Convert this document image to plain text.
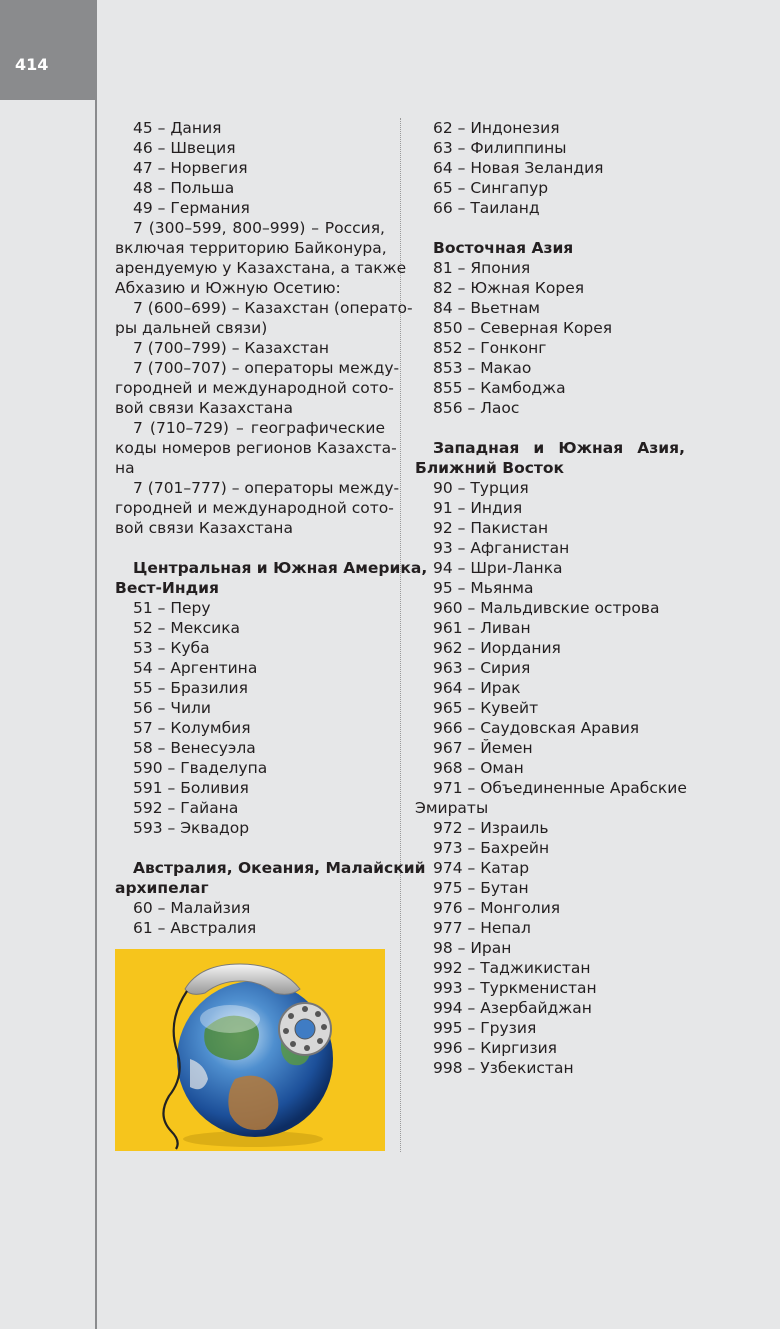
414
45 – Дания
46 – Швеция
47 – Норвегия
48 – Польша
49 – Германия
7 (300–599, 800–999) – Россия,
включая территорию Байконура,
арендуемую у Казахстана, а также
Абхазию и Южную Осетию:
7 (600–699) – Казахстан (операто-
ры дальней связи)
7 (700–799) – Казахстан
7 (700–707) – операторы между-
городней и международной сото-
вой связи Казахстана
7 (710–729) – географические
коды номеров регионов Казахста-
на
7 (701–777) – операторы между-
городней и международной сото-
вой связи Казахстана
Центральная и Южная Америка,
Вест-Индия
51 – Перу
52 – Мексика
53 – Куба
54 – Аргентина
55 – Бразилия
56 – Чили
57 – Колумбия
58 – Венесуэла
590 – Гваделупа
591 – Боливия
592 – Гайана
593 – Эквадор
Австралия, Океания, Малайский
архипелаг
60 – Малайзия
61 – Австралия
62 – Индонезия
63 – Филиппины
64 – Новая Зеландия
65 – Сингапур
66 – Таиланд
Восточная Азия
81 – Япония
82 – Южная Корея
84 – Вьетнам
850 – Северная Корея
852 – Гонконг
853 – Макао
855 – Камбоджа
856 – Лаос
Западная и Южная Азия,
Ближний Восток
90 – Турция
91 – Индия
92 – Пакистан
93 – Афганистан
94 – Шри-Ланка
95 – Мьянма
960 – Мальдивские острова
961 – Ливан
962 – Иордания
963 – Сирия
964 – Ирак
965 – Кувейт
966 – Саудовская Аравия
967 – Йемен
968 – Оман
971 – Объединенные Арабские
Эмираты
972 – Израиль
973 – Бахрейн
974 – Катар
975 – Бутан
976 – Монголия
977 – Непал
98 – Иран
992 – Таджикистан
993 – Туркменистан
994 – Азербайджан
995 – Грузия
996 – Киргизия
998 – Узбекистан
